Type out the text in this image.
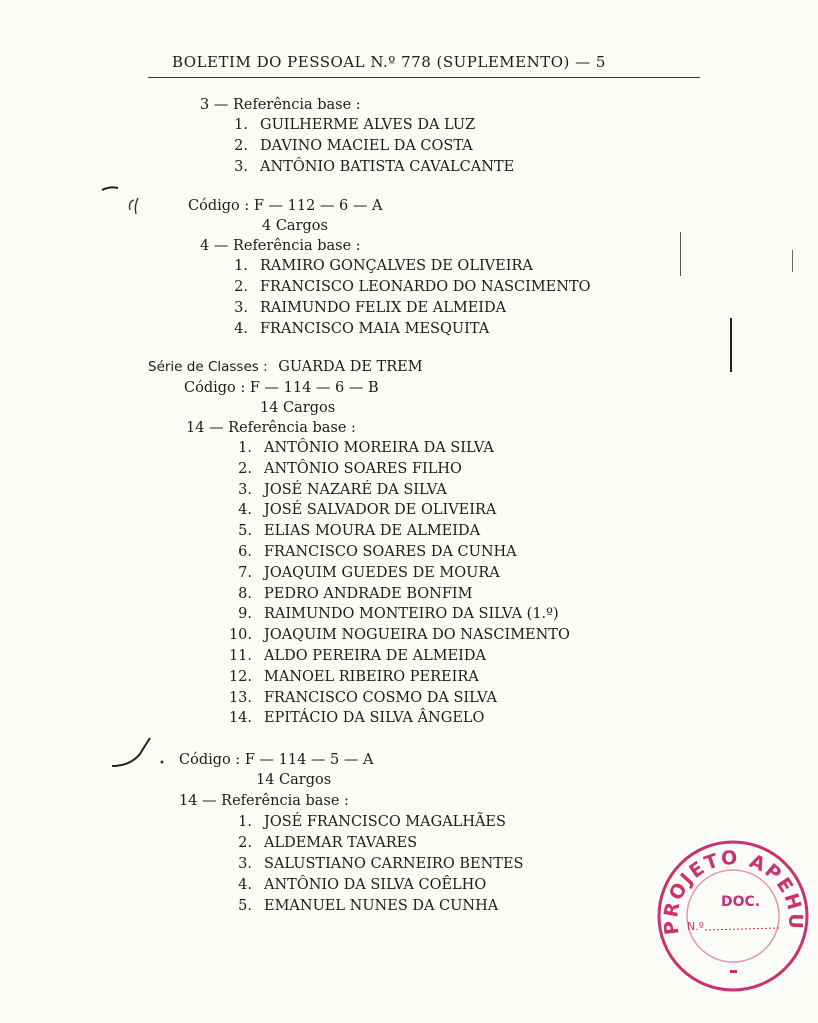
BOLETIM DO PESSOAL N.º 778 (SUPLEMENTO) — 5
3 — Referência base :
1. GUILHERME ALVES DA LUZ
2. DAVINO MACIEL DA COSTA
3. ANTÔNIO BATISTA CAVALCANTE
Código : F — 112 — 6 — A
4 Cargos
4 — Referência base :
1. RAMIRO GONÇALVES DE OLIVEIRA
2. FRANCISCO LEONARDO DO NASCIMENTO
3. RAIMUNDO FELIX DE ALMEIDA
4. FRANCISCO MAIA MESQUITA
Série de Classes : GUARDA DE TREM
Código : F — 114 — 6 — B
14 Cargos
14 — Referência base :
1. ANTÔNIO MOREIRA DA SILVA
2. ANTÔNIO SOARES FILHO
3. JOSÉ NAZARÉ DA SILVA
4. JOSÉ SALVADOR DE OLIVEIRA
5. ELIAS MOURA DE ALMEIDA
6. FRANCISCO SOARES DA CUNHA
7. JOAQUIM GUEDES DE MOURA
8. PEDRO ANDRADE BONFIM
9. RAIMUNDO MONTEIRO DA SILVA (1.º)
10. JOAQUIM NOGUEIRA DO NASCIMENTO
11. ALDO PEREIRA DE ALMEIDA
12. MANOEL RIBEIRO PEREIRA
13. FRANCISCO COSMO DA SILVA
14. EPITÁCIO DA SILVA ÂNGELO
Código : F — 114 — 5 — A
14 Cargos
14 — Referência base :
1. JOSÉ FRANCISCO MAGALHÃES
2. ALDEMAR TAVARES
3. SALUSTIANO CARNEIRO BENTES
4. ANTÔNIO DA SILVA COÊLHO
5. EMANUEL NUNES DA CUNHA
PROJETO APEHU
DOC.
N.º
